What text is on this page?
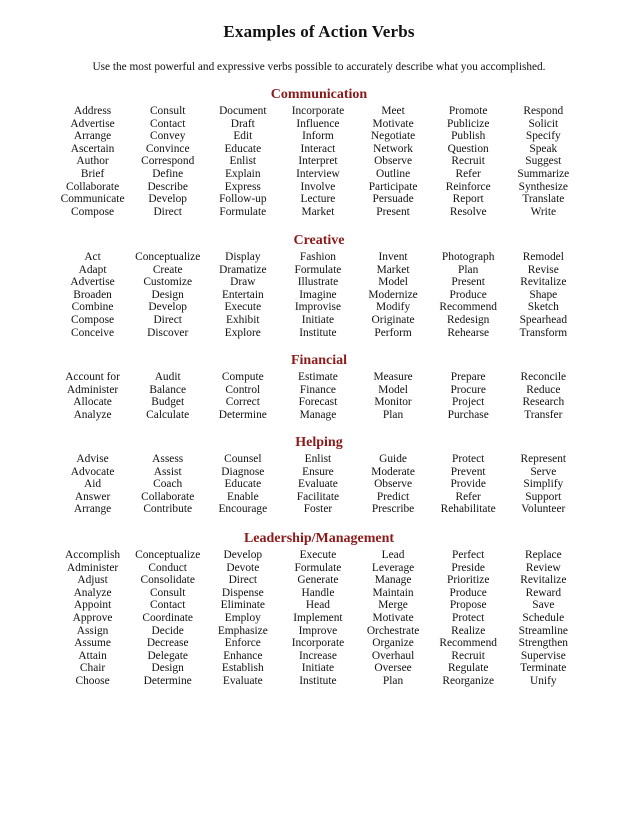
Examples of Action Verbs
Use the most powerful and expressive verbs possible to accurately describe what you accomplished.
Communication
Address
Advertise
Arrange
Ascertain
Author
Brief
Collaborate
Communicate
Compose
Consult
Contact
Convey
Convince
Correspond
Define
Describe
Develop
Direct
Document
Draft
Edit
Educate
Enlist
Explain
Express
Follow-up
Formulate
Incorporate
Influence
Inform
Interact
Interpret
Interview
Involve
Lecture
Market
Meet
Motivate
Negotiate
Network
Observe
Outline
Participate
Persuade
Present
Promote
Publicize
Publish
Question
Recruit
Refer
Reinforce
Report
Resolve
Respond
Solicit
Specify
Speak
Suggest
Summarize
Synthesize
Translate
Write
Creative
Act
Adapt
Advertise
Broaden
Combine
Compose
Conceive
Conceptualize
Create
Customize
Design
Develop
Direct
Discover
Display
Dramatize
Draw
Entertain
Execute
Exhibit
Explore
Fashion
Formulate
Illustrate
Imagine
Improvise
Initiate
Institute
Invent
Market
Model
Modernize
Modify
Originate
Perform
Photograph
Plan
Present
Produce
Recommend
Redesign
Rehearse
Remodel
Revise
Revitalize
Shape
Sketch
Spearhead
Transform
Financial
Account for
Administer
Allocate
Analyze
Audit
Balance
Budget
Calculate
Compute
Control
Correct
Determine
Estimate
Finance
Forecast
Manage
Measure
Model
Monitor
Plan
Prepare
Procure
Project
Purchase
Reconcile
Reduce
Research
Transfer
Helping
Advise
Advocate
Aid
Answer
Arrange
Assess
Assist
Coach
Collaborate
Contribute
Counsel
Diagnose
Educate
Enable
Encourage
Enlist
Ensure
Evaluate
Facilitate
Foster
Guide
Moderate
Observe
Predict
Prescribe
Protect
Prevent
Provide
Refer
Rehabilitate
Represent
Serve
Simplify
Support
Volunteer
Leadership/Management
Accomplish
Administer
Adjust
Analyze
Appoint
Approve
Assign
Assume
Attain
Chair
Choose
Conceptualize
Conduct
Consolidate
Consult
Contact
Coordinate
Decide
Decrease
Delegate
Design
Determine
Develop
Devote
Direct
Dispense
Eliminate
Employ
Emphasize
Enforce
Enhance
Establish
Evaluate
Execute
Formulate
Generate
Handle
Head
Implement
Improve
Incorporate
Increase
Initiate
Institute
Lead
Leverage
Manage
Maintain
Merge
Motivate
Orchestrate
Organize
Overhaul
Oversee
Plan
Perfect
Preside
Prioritize
Produce
Propose
Protect
Realize
Recommend
Recruit
Regulate
Reorganize
Replace
Review
Revitalize
Reward
Save
Schedule
Streamline
Strengthen
Supervise
Terminate
Unify
